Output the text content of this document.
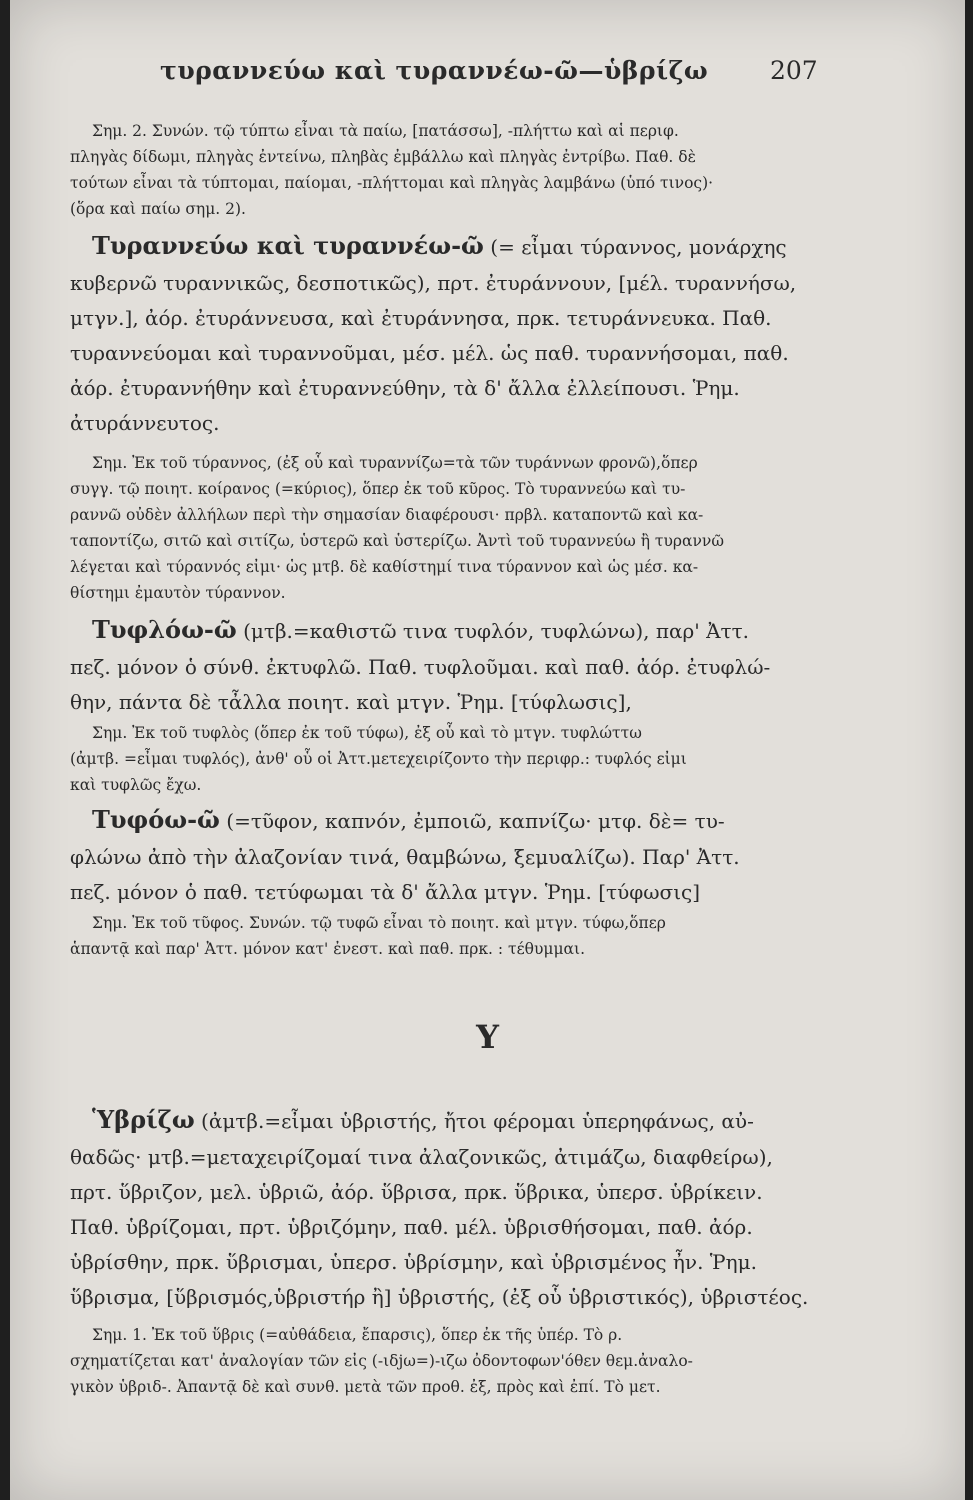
τυραννεύω καὶ τυραννέω-ῶ—ὑβρίζω	207
Σημ. 2. Συνών. τῷ τύπτω εἶναι τὰ παίω, [πατάσσω], -πλήττω καὶ αἱ περιφ.
πληγὰς δίδωμι, πληγὰς ἐντείνω, πληβὰς ἐμβάλλω καὶ πληγὰς ἐντρίβω. Παθ. δὲ
τούτων εἶναι τὰ τύπτομαι, παίομαι, -πλήττομαι καὶ πληγὰς λαμβάνω (ὑπό τινος)·
(ὅρα καὶ παίω σημ. 2).
Τυραννεύω καὶ τυραννέω-ῶ (= εἶμαι τύραννος, μονάρχης
κυβερνῶ τυραννικῶς, δεσποτικῶς), πρτ. ἐτυράννουν, [μέλ. τυραννήσω,
μτγν.], ἀόρ. ἐτυράννευσα, καὶ ἐτυράννησα, πρκ. τετυράννευκα. Παθ.
τυραννεύομαι καὶ τυραννοῦμαι, μέσ. μέλ. ὡς παθ. τυραννήσομαι, παθ.
ἀόρ. ἐτυραννήθην καὶ ἐτυραννεύθην, τὰ δ' ἄλλα ἐλλείπουσι. Ῥημ.
ἀτυράννευτος.
Σημ. Ἐκ τοῦ τύραννος, (ἐξ οὗ καὶ τυραννίζω=τὰ τῶν τυράννων φρονῶ),ὅπερ
συγγ. τῷ ποιητ. κοίρανος (=κύριος), ὅπερ ἐκ τοῦ κῦρος. Τὸ τυραννεύω καὶ τυ-
ραννῶ οὐδὲν ἀλλήλων περὶ τὴν σημασίαν διαφέρουσι· πρβλ. καταποντῶ καὶ κα-
ταποντίζω, σιτῶ καὶ σιτίζω, ὑστερῶ καὶ ὑστερίζω. Ἀντὶ τοῦ τυραννεύω ἢ τυραννῶ
λέγεται καὶ τύραννός εἰμι· ὡς μτβ. δὲ καθίστημί τινα τύραννον καὶ ὡς μέσ. κα-
θίστημι ἐμαυτὸν τύραννον.
Τυφλόω-ῶ (μτβ.=καθιστῶ τινα τυφλόν, τυφλώνω), παρ' Ἀττ.
πεζ. μόνον ὁ σύνθ. ἐκτυφλῶ. Παθ. τυφλοῦμαι. καὶ παθ. ἀόρ. ἐτυφλώ-
θην, πάντα δὲ τἆλλα ποιητ. καὶ μτγν. Ῥημ. [τύφλωσις],
Σημ. Ἐκ τοῦ τυφλὸς (ὅπερ ἐκ τοῦ τύφω), ἐξ οὗ καὶ τὸ μτγν. τυφλώττω
(ἀμτβ. =εἶμαι τυφλός), ἀνθ' οὗ οἱ Ἀττ.μετεχειρίζοντο τὴν περιφρ.: τυφλός εἰμι
καὶ τυφλῶς ἔχω.
Τυφόω-ῶ (=τῦφον, καπνόν, ἐμποιῶ, καπνίζω· μτφ. δὲ= τυ-
φλώνω ἀπὸ τὴν ἀλαζονίαν τινά, θαμβώνω, ξεμυαλίζω). Παρ' Ἀττ.
πεζ. μόνον ὁ παθ. τετύφωμαι τὰ δ' ἄλλα μτγν. Ῥημ. [τύφωσις]
Σημ. Ἐκ τοῦ τῦφος. Συνών. τῷ τυφῶ εἶναι τὸ ποιητ. καὶ μτγν. τύφω,ὅπερ
ἁπαντᾷ καὶ παρ' Ἀττ. μόνον κατ' ἐνεστ. καὶ παθ. πρκ. : τέθυμμαι.
Υ
Ὑβρίζω (ἀμτβ.=εἶμαι ὑβριστής, ἤτοι φέρομαι ὑπερηφάνως, αὐ-
θαδῶς· μτβ.=μεταχειρίζομαί τινα ἀλαζονικῶς, ἀτιμάζω, διαφθείρω),
πρτ. ὕβριζον, μελ. ὑβριῶ, ἀόρ. ὕβρισα, πρκ. ὕβρικα, ὑπερσ. ὑβρίκειν.
Παθ. ὑβρίζομαι, πρτ. ὑβριζόμην, παθ. μέλ. ὑβρισθήσομαι, παθ. ἀόρ.
ὑβρίσθην, πρκ. ὕβρισμαι, ὑπερσ. ὑβρίσμην, καὶ ὑβρισμένος ἦν. Ῥημ.
ὕβρισμα, [ὕβρισμός,ὑβριστήρ ἢ] ὑβριστής, (ἐξ οὗ ὑβριστικός), ὑβριστέος.
Σημ. 1. Ἐκ τοῦ ὕβρις (=αὐθάδεια, ἔπαρσις), ὅπερ ἐκ τῆς ὑπέρ. Τὸ ρ.
σχηματίζεται κατ' ἀναλογίαν τῶν εἰς (-ιδjω=)-ιζω ὀδοντοφων'όθεν θεμ.ἀναλο-
γικὸν ὑβριδ-. Ἀπαντᾷ δὲ καὶ συνθ. μετὰ τῶν προθ. ἐξ, πρὸς καὶ ἐπί. Τὸ μετ.
